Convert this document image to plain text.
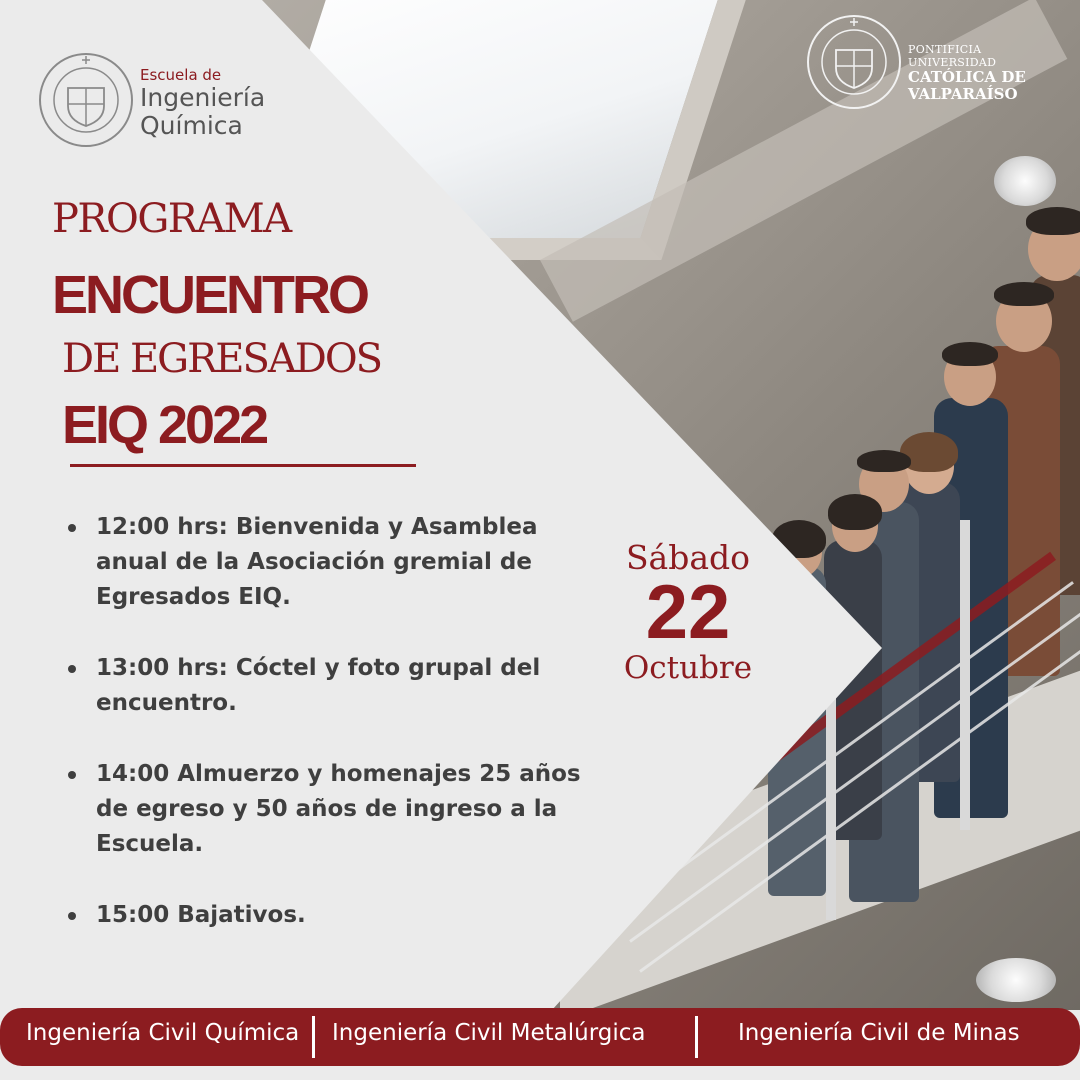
Escuela de
Ingeniería
Química
PONTIFICIA
UNIVERSIDAD
CATÓLICA DE
VALPARAÍSO
PROGRAMA
ENCUENTRO
DE EGRESADOS
EIQ 2022
12:00 hrs: Bienvenida y Asamblea anual de la Asociación gremial de Egresados EIQ.
13:00 hrs: Cóctel y foto grupal del encuentro.
14:00 Almuerzo y homenajes 25 años de egreso y 50 años de ingreso a la Escuela.
15:00 Bajativos.
Sábado
22
Octubre
Ingeniería Civil Química Ingeniería Civil Metalúrgica	Ingeniería Civil de Minas
